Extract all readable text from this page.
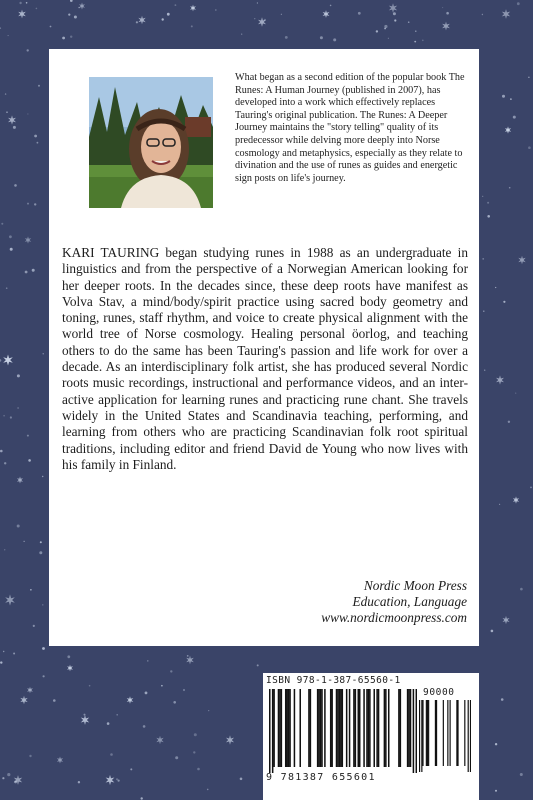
What began as a second edition of the popular book The Runes: A Human Journey (published in 2007), has developed into a work which effectively replaces Tauring's original publication. The Runes: A Deeper Journey maintains the "story telling" quality of its predecessor while delving more deeply into Norse cosmology and metaphysics, especially as they relate to divination and the use of runes as guides and energetic sign posts on life's journey.

KARI TAURING began studying runes in 1988 as an undergraduate in linguistics and from the perspective of a Norwegian American looking for her deeper roots. In the decades since, these deep roots have manifest as Volva Stav, a mind/body/spirit practice using sacred body geometry and toning, runes, staff rhythm, and voice to create physical alignment with the world tree of Norse cosmology. Healing personal öorlog, and teaching others to do the same has been Tauring's passion and life work for over a decade. As an interdisciplinary folk artist, she has produced several Nordic roots music recordings, instructional and performance videos, and an inter-active application for learning runes and practicing rune chant. She travels widely in the United States and Scandinavia teaching, performing, and learning from others who are practicing Scandinavian folk root spiritual traditions, including editor and friend David de Young who now lives with his family in Finland.

Nordic Moon Press
Education, Language
www.nordicmoonpress.com
ISBN 978-1-387-65560-1
90000
9 781387 655601
